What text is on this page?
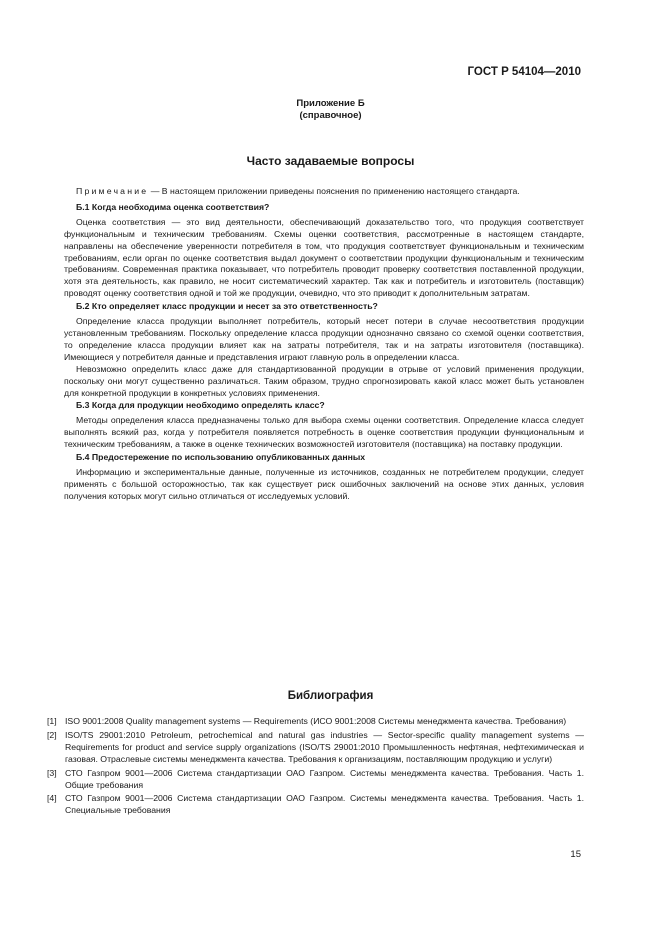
ГОСТ Р 54104—2010
Приложение Б
(справочное)
Часто задаваемые вопросы

Примечание — В настоящем приложении приведены пояснения по применению настоящего стандарта.

Б.1 Когда необходима оценка соответствия?

Оценка соответствия — это вид деятельности, обеспечивающий доказательство того, что продукция соответствует функциональным и техническим требованиям. Схемы оценки соответствия, рассмотренные в настоящем стандарте, направлены на обеспечение уверенности потребителя в том, что продукция соответствует функциональным и техническим требованиям, если орган по оценке соответствия выдал документ о соответствии продукции функциональным и техническим требованиям. Современная практика показывает, что потребитель проводит проверку соответствия поставленной продукции, хотя эта деятельность, как правило, не носит систематический характер. Так как и потребитель и изготовитель (поставщик) проводят оценку соответствия одной и той же продукции, очевидно, что это приводит к дополнительным затратам.

Б.2 Кто определяет класс продукции и несет за это ответственность?

Определение класса продукции выполняет потребитель, который несет потери в случае несоответствия продукции установленным требованиям. Поскольку определение класса продукции однозначно связано со схемой оценки соответствия, то определение класса продукции влияет как на затраты потребителя, так и на затраты изготовителя (поставщика). Имеющиеся у потребителя данные и представления играют главную роль в определении класса.

Невозможно определить класс даже для стандартизованной продукции в отрыве от условий применения продукции, поскольку они могут существенно различаться. Таким образом, трудно спрогнозировать какой класс может быть установлен для конкретной продукции в конкретных условиях применения.

Б.3 Когда для продукции необходимо определять класс?

Методы определения класса предназначены только для выбора схемы оценки соответствия. Определение класса следует выполнять всякий раз, когда у потребителя появляется потребность в оценке соответствия продукции функциональным и техническим требованиям, а также в оценке технических возможностей изготовителя (поставщика) на поставку продукции.

Б.4 Предостережение по использованию опубликованных данных

Информацию и экспериментальные данные, полученные из источников, созданных не потребителем продукции, следует применять с большой осторожностью, так как существует риск ошибочных заключений на основе этих данных, условия получения которых могут сильно отличаться от исследуемых условий.

Библиография
[1] ISO 9001:2008 Quality management systems — Requirements (ИСО 9001:2008 Системы менеджмента качества. Требования)
[2] ISO/TS 29001:2010 Petroleum, petrochemical and natural gas industries — Sector-specific quality management systems — Requirements for product and service supply organizations (ISO/TS 29001:2010 Промышленность нефтяная, нефтехимическая и газовая. Отраслевые системы менеджмента качества. Требования к организациям, поставляющим продукцию и услуги)
[3] СТО Газпром 9001—2006 Система стандартизации ОАО Газпром. Системы менеджмента качества. Требования. Часть 1. Общие требования
[4] СТО Газпром 9001—2006 Система стандартизации ОАО Газпром. Системы менеджмента качества. Требования. Часть 1. Специальные требования
15
